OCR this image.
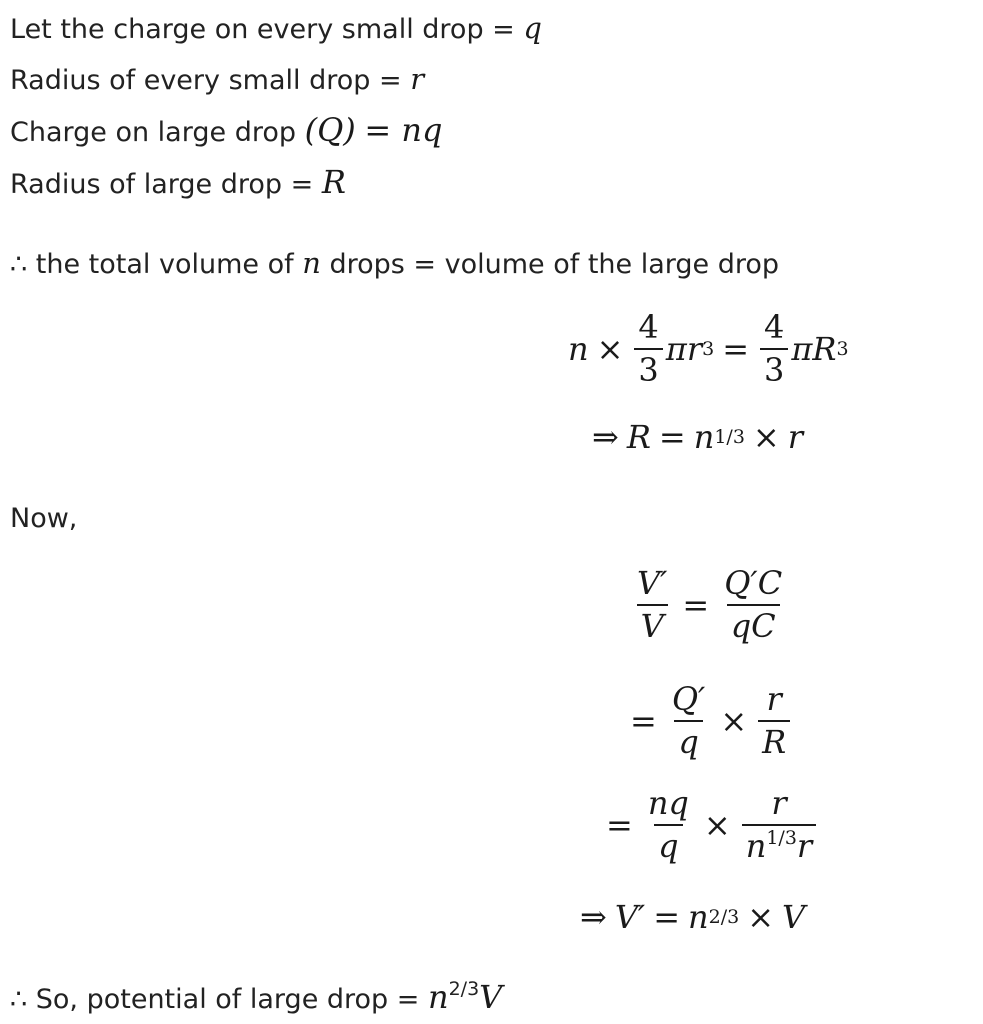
Let the charge on every small drop = q
Radius of every small drop = r
Charge on large drop (Q) = nq
Radius of large drop = R
∴ the total volume of n drops = volume of the large drop
$n \times \frac{4}{3}$ πr $3 = \frac{4}{3}$ πR 3
⇒ R = n 1/3 × r
Now,
$\frac{V'}{V} = \frac{Q'C}{qC}$
= $\frac{Q'}{q} \times \frac{r}{R}$
= $\frac{nq}{q} \times \frac{r}{n^{1/3}r}$
⇒ V′ = n 2/3 × V
∴ So, potential of large drop = $n^{2/3}V$
